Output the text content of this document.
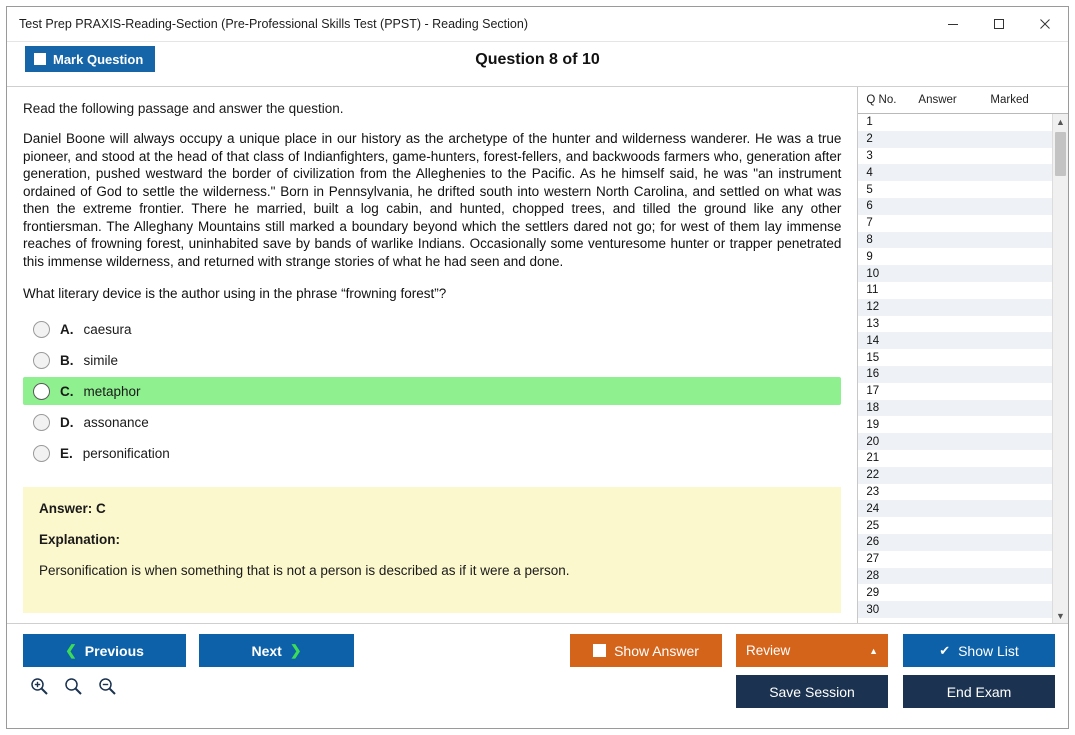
Test Prep PRAXIS-Reading-Section (Pre-Professional Skills Test (PPST) - Reading Section)
Mark Question	Question 8 of 10

Read the following passage and answer the question.

Daniel Boone will always occupy a unique place in our history as the archetype of the hunter and wilderness wanderer. He was a true pioneer, and stood at the head of that class of Indianfighters, game-hunters, forest-fellers, and backwoods farmers who, generation after generation, pushed westward the border of civilization from the Alleghenies to the Pacific. As he himself said, he was "an instrument ordained of God to settle the wilderness." Born in Pennsylvania, he drifted south into western North Carolina, and settled on what was then the extreme frontier. There he married, built a log cabin, and hunted, chopped trees, and tilled the ground like any other frontiersman. The Alleghany Mountains still marked a boundary beyond which the settlers dared not go; for west of them lay immense reaches of frowning forest, uninhabited save by bands of warlike Indians. Occasionally some venturesome hunter or trapper penetrated this immense wilderness, and returned with strange stories of what he had seen and done.

What literary device is the author using in the phrase “frowning forest”?

A. caesura
B. simile
C. metaphor
D. assonance
E. personification

Answer: C

Explanation:

Personification is when something that is not a person is described as if it were a person.

Q No.	Answer	Marked
1
2
3
4
5
6
7
8
9
10
11
12
13
14
15
16
17
18
19
20
21
22
23
24
25
26
27
28
29
30
▲
▼
❮ Previous	Next ❯	Show Answer	Review	▲	✔ Show List
Save Session	End Exam
